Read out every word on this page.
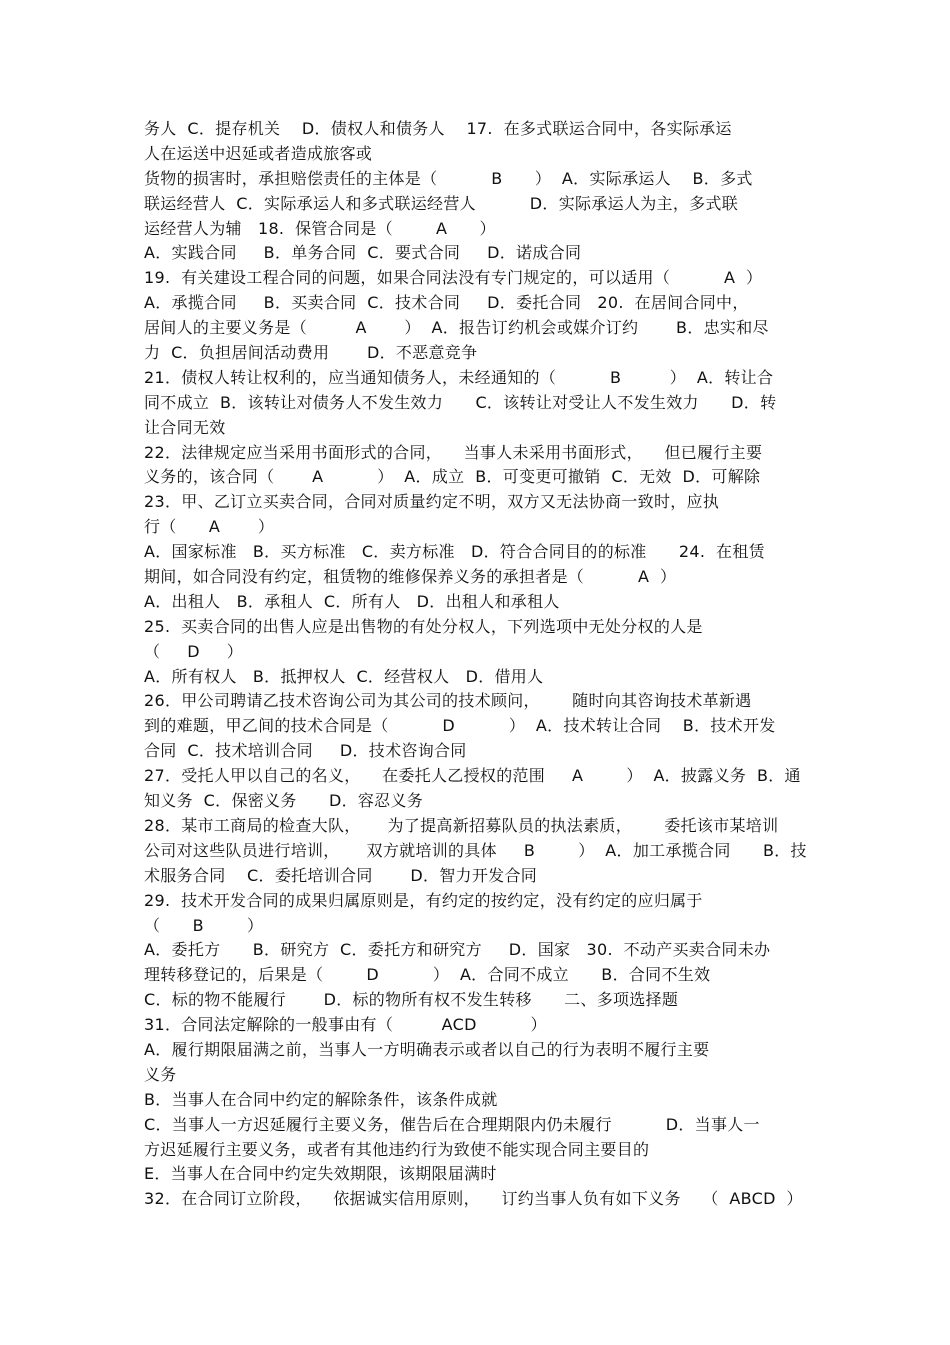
务人  C．提存机关    D．债权人和债务人    17.  在多式联运合同中，各实际承运
人在运送中迟延或者造成旅客或
货物的损害时，承担赔偿责任的主体是（          B      ）  A．实际承运人    B．多式
联运经营人  C．实际承运人和多式联运经营人          D．实际承运人为主，多式联
运经营人为辅   18.  保管合同是（        A      ）
A．实践合同     B．单务合同  C．要式合同     D．诺成合同
19.  有关建设工程合同的问题，如果合同法没有专门规定的，可以适用（          A  ）
A．承揽合同     B．买卖合同  C．技术合同     D．委托合同   20.  在居间合同中，
居间人的主要义务是（         A       ）  A．报告订约机会或媒介订约       B．忠实和尽
力  C．负担居间活动费用       D．不恶意竞争
21．债权人转让权利的，应当通知债务人，未经通知的（          B         ）  A．转让合
同不成立  B．该转让对债务人不发生效力      C．该转让对受让人不发生效力      D．转
让合同无效
22．法律规定应当采用书面形式的合同，    当事人未采用书面形式，    但已履行主要
义务的，该合同（       A          ）  A．成立  B．可变更可撤销  C．无效  D．可解除
23．甲、乙订立买卖合同，合同对质量约定不明，双方又无法协商一致时，应执
行（      A       ）
A．国家标准   B．买方标准   C．卖方标准   D．符合合同目的的标准      24.  在租赁
期间，如合同没有约定，租赁物的维修保养义务的承担者是（          A  ）
A．出租人   B．承租人  C．所有人   D．出租人和承租人
25.  买卖合同的出售人应是出售物的有处分权人，下列选项中无处分权的人是
（     D     ）
A．所有权人   B．抵押权人  C．经营权人   D．借用人
26．甲公司聘请乙技术咨询公司为其公司的技术顾问，      随时向其咨询技术革新遇
到的难题，甲乙间的技术合同是（          D          ）  A．技术转让合同    B．技术开发
合同  C．技术培训合同     D．技术咨询合同
27．受托人甲以自己的名义，    在委托人乙授权的范围     A        ）  A．披露义务  B．通
知义务  C．保密义务      D．容忍义务
28．某市工商局的检查大队，     为了提高新招募队员的执法素质，      委托该市某培训
公司对这些队员进行培训，     双方就培训的具体     B        ）  A．加工承揽合同      B．技
术服务合同    C．委托培训合同       D．智力开发合同
29.  技术开发合同的成果归属原则是，有约定的按约定，没有约定的应归属于
（      B        ）
A．委托方      B．研究方  C．委托方和研究方     D．国家   30.  不动产买卖合同未办
理转移登记的，后果是（        D          ）  A．合同不成立      B．合同不生效
C．标的物不能履行       D．标的物所有权不发生转移      二、多项选择题
31．合同法定解除的一般事由有（         ACD          ）
A．履行期限届满之前，当事人一方明确表示或者以自己的行为表明不履行主要
义务
B．当事人在合同中约定的解除条件，该条件成就
C．当事人一方迟延履行主要义务，催告后在合理期限内仍未履行          D．当事人一
方迟延履行主要义务，或者有其他违约行为致使不能实现合同主要目的
E．当事人在合同中约定失效期限，该期限届满时
32．在合同订立阶段，    依据诚实信用原则，    订约当事人负有如下义务    （  ABCD  ）
